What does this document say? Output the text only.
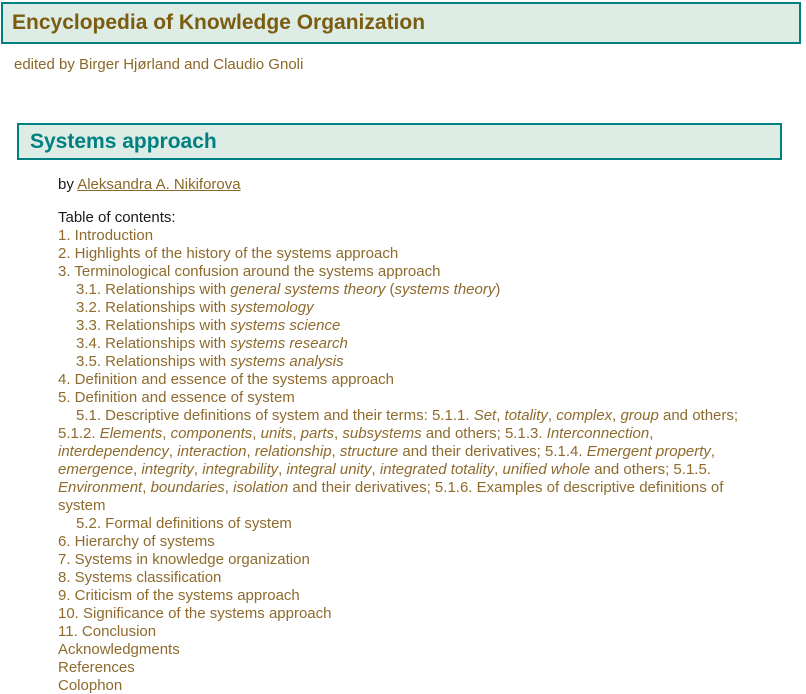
Encyclopedia of Knowledge Organization
edited by Birger Hjørland and Claudio Gnoli
Systems approach
by Aleksandra A. Nikiforova
Table of contents:
1. Introduction
2. Highlights of the history of the systems approach
3. Terminological confusion around the systems approach
3.1. Relationships with general systems theory (systems theory)
3.2. Relationships with systemology
3.3. Relationships with systems science
3.4. Relationships with systems research
3.5. Relationships with systems analysis
4. Definition and essence of the systems approach
5. Definition and essence of system
5.1. Descriptive definitions of system and their terms: 5.1.1. Set, totality, complex, group and others; 5.1.2. Elements, components, units, parts, subsystems and others; 5.1.3. Interconnection, interdependency, interaction, relationship, structure and their derivatives; 5.1.4. Emergent property, emergence, integrity, integrability, integral unity, integrated totality, unified whole and others; 5.1.5. Environment, boundaries, isolation and their derivatives; 5.1.6. Examples of descriptive definitions of system
5.2. Formal definitions of system
6. Hierarchy of systems
7. Systems in knowledge organization
8. Systems classification
9. Criticism of the systems approach
10. Significance of the systems approach
11. Conclusion
Acknowledgments
References
Colophon
